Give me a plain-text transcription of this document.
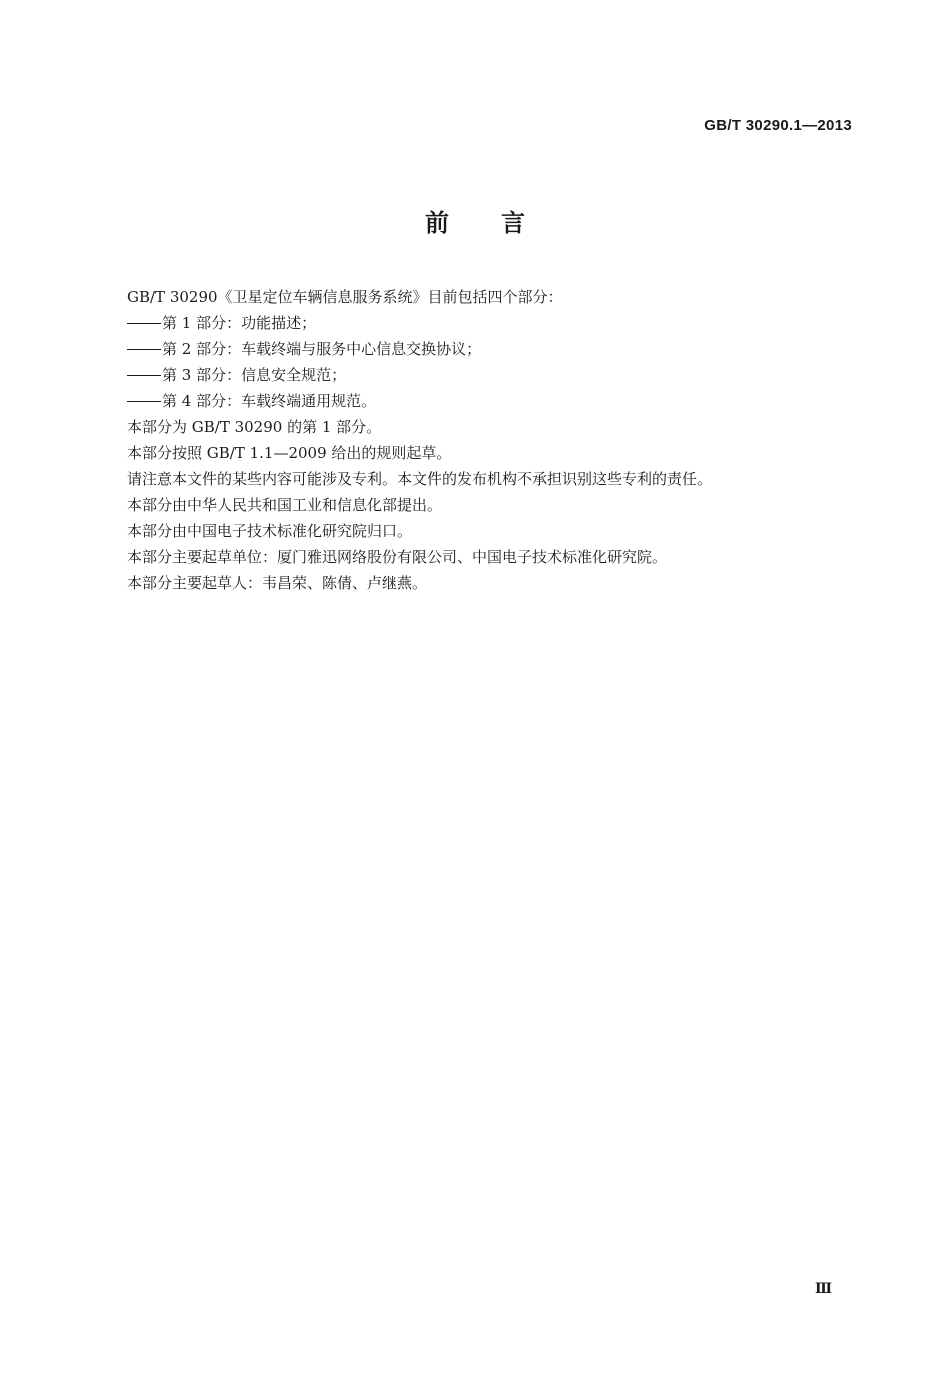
GB/T 30290.1—2013
前言
GB/T 30290《卫星定位车辆信息服务系统》目前包括四个部分：
第 1 部分：功能描述；
第 2 部分：车载终端与服务中心信息交换协议；
第 3 部分：信息安全规范；
第 4 部分：车载终端通用规范。
本部分为 GB/T 30290 的第 1 部分。
本部分按照 GB/T 1.1—2009 给出的规则起草。
请注意本文件的某些内容可能涉及专利。本文件的发布机构不承担识别这些专利的责任。
本部分由中华人民共和国工业和信息化部提出。
本部分由中国电子技术标准化研究院归口。
本部分主要起草单位：厦门雅迅网络股份有限公司、中国电子技术标准化研究院。
本部分主要起草人：韦昌荣、陈倩、卢继燕。
Ⅲ
